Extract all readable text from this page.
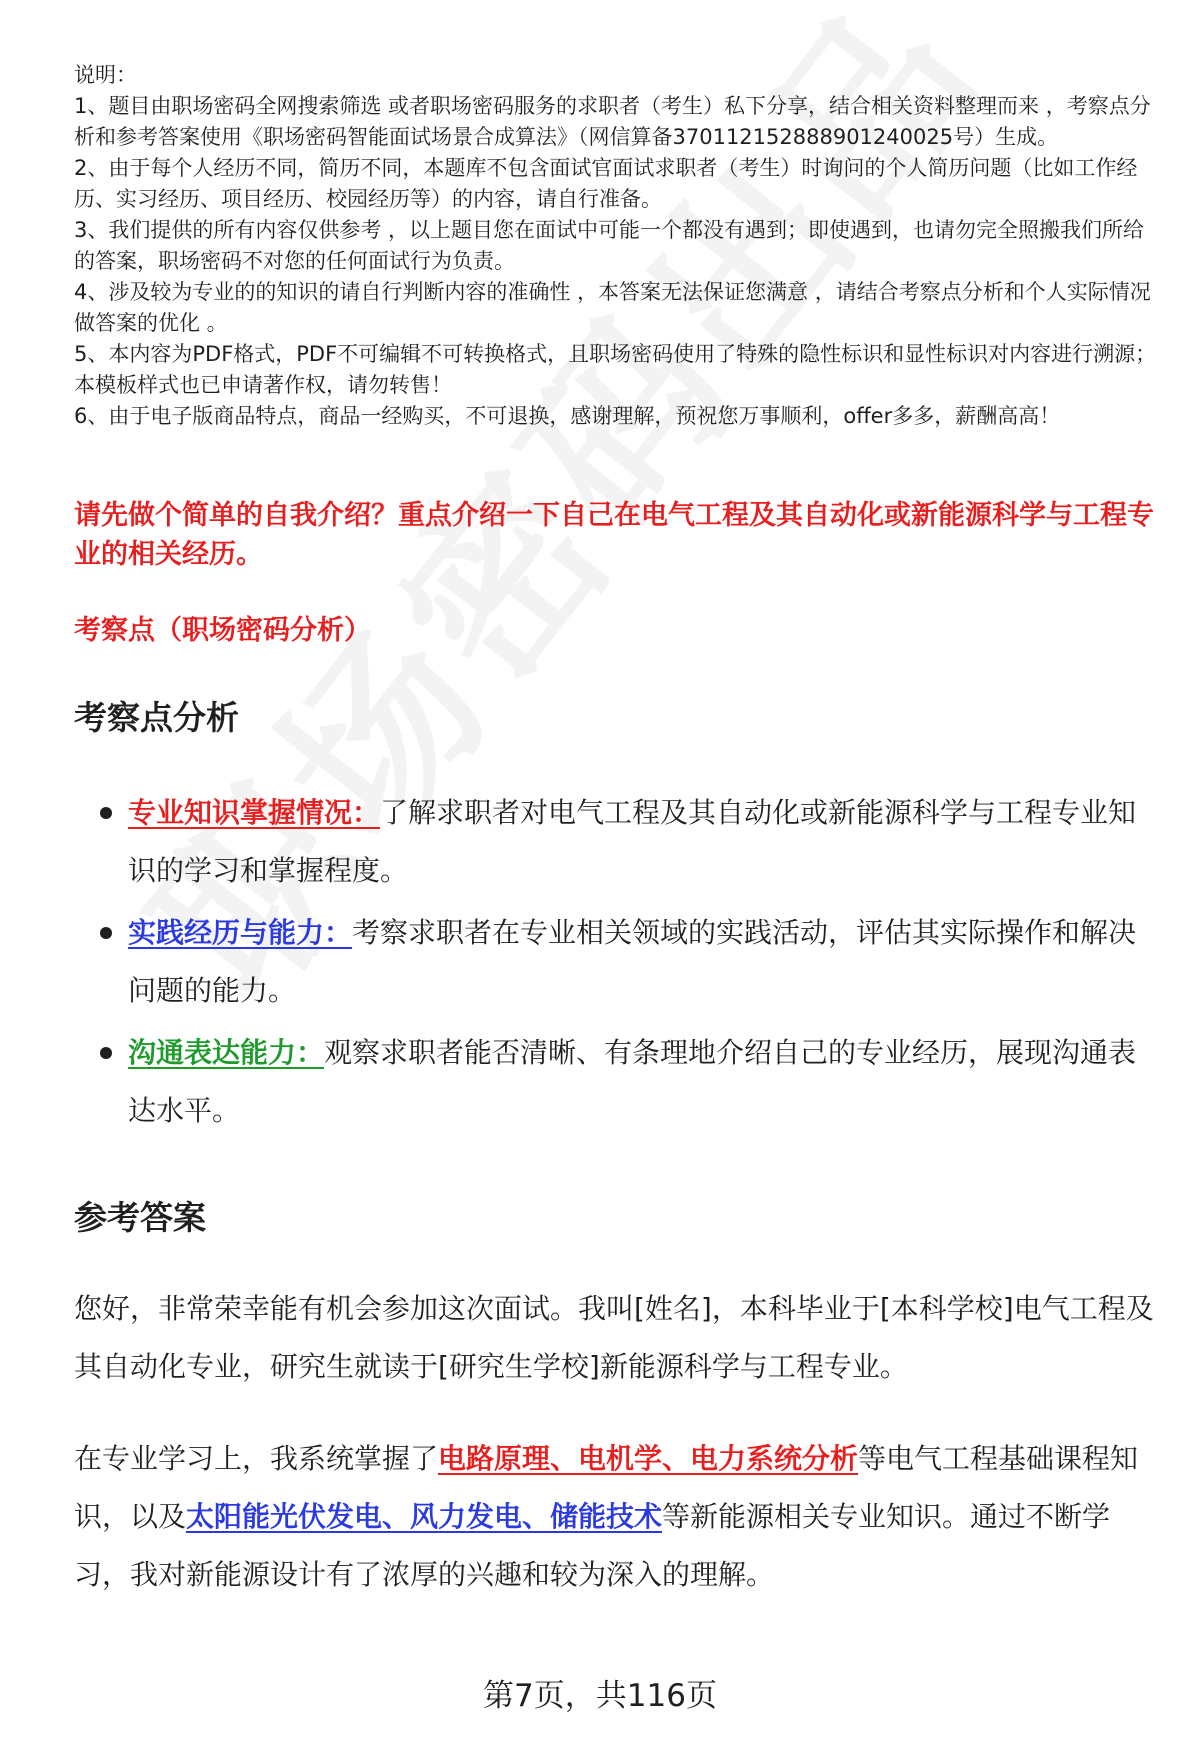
说明：

1、题目由职场密码全网搜索筛选 或者职场密码服务的求职者（考生）私下分享，结合相关资料整理而来 ，考察点分析和参考答案使用《职场密码智能面试场景合成算法》（网信算备370112152888901240025号）生成。

2、由于每个人经历不同，简历不同，本题库不包含面试官面试求职者（考生）时询问的个人简历问题（比如工作经历、实习经历、项目经历、校园经历等）的内容，请自行准备。

3、我们提供的所有内容仅供参考 ，以上题目您在面试中可能一个都没有遇到；即使遇到，也请勿完全照搬我们所给的答案，职场密码不对您的任何面试行为负责。

4、涉及较为专业的的知识的请自行判断内容的准确性 ，本答案无法保证您满意 ，请结合考察点分析和个人实际情况做答案的优化 。

5、本内容为PDF格式，PDF不可编辑不可转换格式，且职场密码使用了特殊的隐性标识和显性标识对内容进行溯源；本模板样式也已申请著作权，请勿转售！

6、由于电子版商品特点，商品一经购买，不可退换，感谢理解，预祝您万事顺利，offer多多，薪酬高高！

请先做个简单的自我介绍？重点介绍一下自己在电气工程及其自动化或新能源科学与工程专业的相关经历。
考察点（职场密码分析）
考察点分析
专业知识掌握情况：了解求职者对电气工程及其自动化或新能源科学与工程专业知识的学习和掌握程度。
实践经历与能力：考察求职者在专业相关领域的实践活动，评估其实际操作和解决问题的能力。
沟通表达能力：观察求职者能否清晰、有条理地介绍自己的专业经历，展现沟通表达水平。
参考答案

您好，非常荣幸能有机会参加这次面试。我叫[姓名]，本科毕业于[本科学校]电气工程及其自动化专业，研究生就读于[研究生学校]新能源科学与工程专业。

在专业学习上，我系统掌握了电路原理、电机学、电力系统分析等电气工程基础课程知识，以及太阳能光伏发电、风力发电、储能技术等新能源相关专业知识。通过不断学习，我对新能源设计有了浓厚的兴趣和较为深入的理解。

第7页，共116页
